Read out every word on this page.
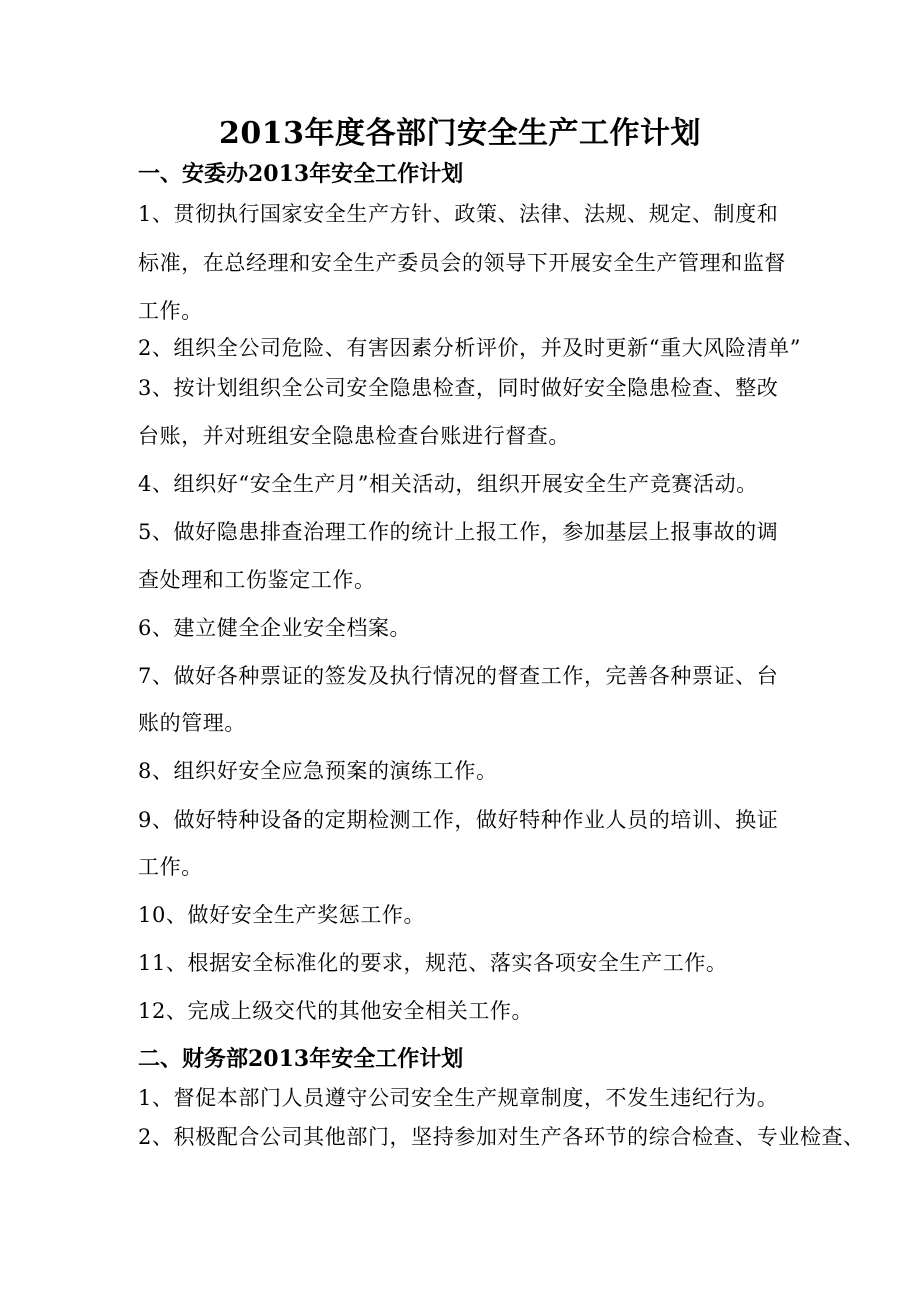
2013年度各部门安全生产工作计划
一、安委办2013年安全工作计划

1、贯彻执行国家安全生产方针、政策、法律、法规、规定、制度和

标准，在总经理和安全生产委员会的领导下开展安全生产管理和监督

工作。

2、组织全公司危险、有害因素分析评价，并及时更新“重大风险清单”

3、按计划组织全公司安全隐患检查，同时做好安全隐患检查、整改

台账，并对班组安全隐患检查台账进行督查。

4、组织好“安全生产月”相关活动，组织开展安全生产竞赛活动。

5、做好隐患排查治理工作的统计上报工作，参加基层上报事故的调

查处理和工伤鉴定工作。

6、建立健全企业安全档案。

7、做好各种票证的签发及执行情况的督查工作，完善各种票证、台

账的管理。

8、组织好安全应急预案的演练工作。

9、做好特种设备的定期检测工作，做好特种作业人员的培训、换证

工作。

10、做好安全生产奖惩工作。

11、根据安全标准化的要求，规范、落实各项安全生产工作。

12、完成上级交代的其他安全相关工作。

二、财务部2013年安全工作计划

1、督促本部门人员遵守公司安全生产规章制度，不发生违纪行为。

2、积极配合公司其他部门，坚持参加对生产各环节的综合检查、专业检查、
